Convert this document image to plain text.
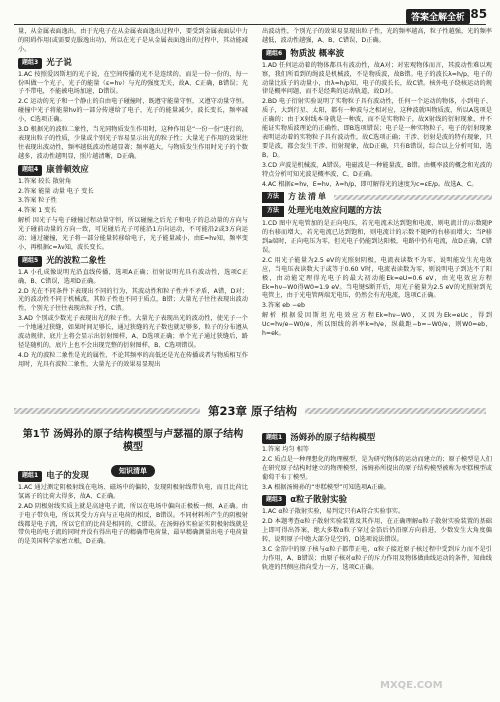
答案全解全析
285
量，从金属表面逸出，由于光电子在从金属表面逸出过程中，要受到金属表面层中力的阻碍作用(或需要克服逸出功)，所以在光子是从金属表面逸出的过程中，其动能减小。
题组3 光子说
1.AC 按照爱因斯坦的光子说，在空间传播的光不是连续的，而是一份一份的，每一份叫做一个光子，光子的能量（ε=hν）与光的强度无关，故A、C正确，B错误；光子不带电，不能被电场加速，D错误。
2.C 运动的光子和一个静止的自由电子碰撞时，既遵守能量守恒，又遵守动量守恒。碰撞中光子将能量hν的一部分传递给了电子，光子的能量减少，波长变长，频率减小，C选项正确。
3.D 根据光的波粒二象性，当光同物质发生作用时，这种作用是“一份一份”进行的，表现出粒子的性质，少量或个别光子容易显示出光的粒子性；大量光子作用的效果往往表现出波动性，频率越低波动性越显著；频率越大，与物质发生作用时光子的个数越多，波动性越明显，照片越清晰，D正确。
题组4 康普顿效应
1.答案 较长 散射角
2.答案 能量 动量 电子 变长
3.答案 粒子性
4.答案 1 变长
解析 因光子与电子碰撞过程动量守恒，所以碰撞之后光子和电子的总动量的方向与光子碰前动量的方向一致，可见碰后光子可能沿1方向运动，不可能沿2或3方向运动；通过碰撞，光子将一部分能量转移给电子，光子能量减小，由E=hν知，频率变小，再根据c=λν知，波长变长。
题组5 光的波粒二象性
1.A 小孔成像说明光沿直线传播，选项A正确；衍射说明光具有波动性，选项C正确，B、C错误，选项D正确。
2.D 光在不同条件下表现出不同的行为，其波动性和粒子性并不矛盾，A错，D对；光的波动性不同于机械波，其粒子性也不同于质点，B错；大量光子往往表现出波动性，个别光子往往表现出粒子性，C错。
3.AD 个别或少数光子表现出光的粒子性，大量光子表现出光的波动性，使光子一个一个地通过狭缝，如果时间足够长，通过狭缝的光子数也就足够多，粒子的分布遵从波动规律，底片上将会显示出衍射图样，A、D选项正确；单个光子通过狭缝后，路径是随机的，底片上也不会出现完整的衍射图样，B、C选项错误。
4.D 光的波粒二象性是光的属性，不论其频率的高低还是光在传播或者与物质相互作用时，光具有波粒二象性，大量光子的效果易显现出
出波动性，个别光子的效果易显现出粒子性，光的频率越高，粒子性越强，光的频率越低，波动性越强，A、B、C错误，D正确。
题组6 物质波 概率波
1.AD 任何运动着的物体都具有波动性，故A对；对宏观物体而言，其波动性难以观察，我们所看到的绳波是机械波，不是物质波，故B错。电子的波长λ=h/p，电子的动量比质子的动量小，由λ=h/p知，电子的波长长，故C错。核外电子绕核运动的规律是概率问题，而不是经典的运动轨道，故D对。
2.BD 电子衍射实验说明了实物粒子具有波动性，任何一个运动的物体，小到电子、质子，大到行星、太阳，都有一种波与之相对应，这种波就叫物质波，所以A选项是正确的；由于X射线本身就是一种波，而不是实物粒子，故X射线的衍射现象，并不能证实物质波理论的正确性，即B选项错误；电子是一种实物粒子，电子的衍射现象表明运动着的实物粒子具有波动性，故C选项正确；干涉、衍射是波的特有现象，只要是波，都会发生干涉、衍射现象，故D正确，只有B错误，综合以上分析可知，选B、D。
3.CD 声波是机械波，A错误。电磁波是一种能量波，B错。由概率波的概念和光波的特点分析可知光波是概率波，C、D正确。
4.AC 根据ε=hν，E=hν，λ=h/p，即可解得光的速度为c=εE/p。故选A、C。
方法	方法清单
方法	处理光电效应问题的方法
1.CD 图中光电管加的是正向电压，若光电流未达到饱和电流，则电流计的示数随P的右移而增大，若光电流已达到饱和，则电流计的示数不随P的右移而增大；当P移到a端时，正向电压为零，但光电子仍能到达阳极，电路中仍有电流，故D正确，C错误。
2.C 用光子能量为2.5 eV的光照射阴极，电流表读数不为零，说明能发生光电效应，当电压表读数大于或等于0.60 V时，电流表读数为零，则说明电子到达不了阳极，由动能定理得光电子的最大初动能Ek=eU=0.6 eV，由光电效应方程Ek=hν−W0得W0=1.9 eV。当电键S断开后，用光子能量为2.5 eV的光照射到光电管上，由于光电管两端无电压，仍然会有光电流，选项C正确。
3.答案 eb −eb
解析 根据爱因斯坦光电效应方程Ek=hν−W0，又因为Ek=eUc，得到Uc=hν/e−W0/e，所以图线的斜率k=h/e，纵截距−b=−W0/e，则W0=eb，h=ek。
第23章 原子结构
第1节 汤姆孙的原子结构模型与卢瑟福的原子结构模型
知识清单
题组1 电子的发现
1.AC 通过测定阴极射线在电场、磁场中的偏转，发现阴极射线带负电，而且比荷比氢离子的比荷大得多，故A、C正确。
2.AD 阴极射线实质上就是高速电子流，所以在电场中偏向正极板一侧，A正确。由于电子带负电，所以其受力方向与正电荷的相反，B错误。不同材料所产生的阴极射线都是电子流，所以它们的比荷是相同的，C错误。在汤姆孙实验证实阴极射线就是带负电的电子流的同时并没有得出电子的精确带电荷量，最早精确测量出电子电荷量的是美国科学家密立根，D正确。
题组1 汤姆孙的原子结构模型
1.答案 均匀 相等
2.C 质点是一种理想化的物理模型，是为研究物体的运动而建立的；原子模型是人们在研究原子结构时建立的物理模型，汤姆孙所提出的原子结构模型被称为枣糕模型或葡萄干布丁模型。
3.A 根据汤姆孙的“枣糕模型”可知选项A正确。
题组3 α粒子散射实验
1.AC α粒子散射实验，易判定只有A符合实验事实。
2.D 本题考查α粒子散射实验装置及其作用，在正确理解α粒子散射实验装置的基础上即可得出答案，绝大多数α粒子穿过金箔后仍沿原方向前进，少数发生大角度偏转，说明原子中绝大部分是空的，D选项说法错误。
3.C 金箔中的原子核与α粒子都带正电，α粒子接近原子核过程中受到斥力而不是引力作用，A、B错误；由原子核对α粒子的斥力作用及物体做曲线运动的条件，知曲线轨迹的凹侧应指向受力一方，选项C正确。
MXQE.COM
